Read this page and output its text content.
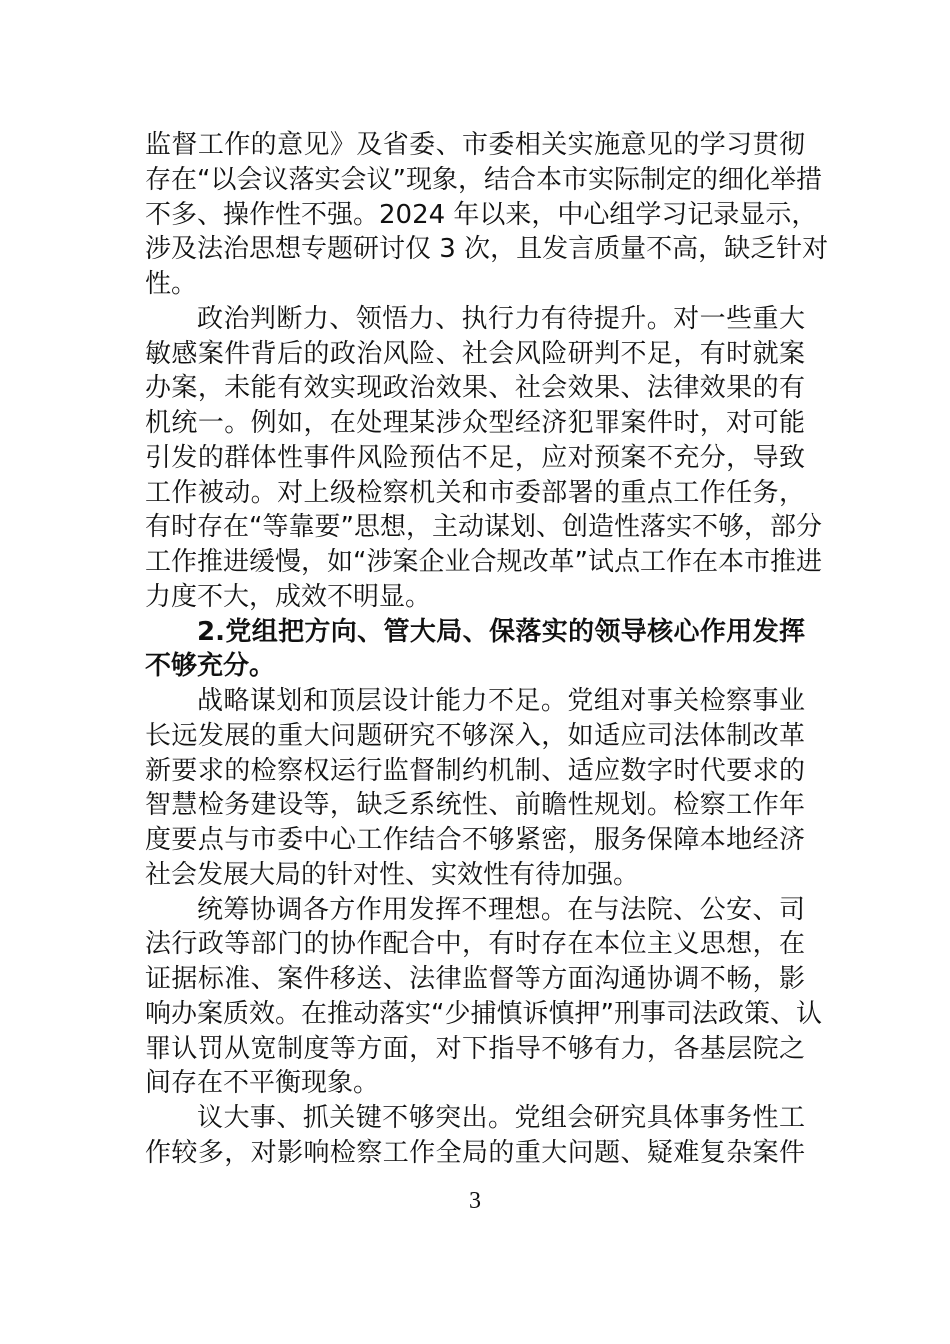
监督工作的意见》及省委、市委相关实施意见的学习贯彻
存在“以会议落实会议”现象，结合本市实际制定的细化举措
不多、操作性不强。2024 年以来，中心组学习记录显示，
涉及法治思想专题研讨仅 3 次，且发言质量不高，缺乏针对
性。
政治判断力、领悟力、执行力有待提升。对一些重大
敏感案件背后的政治风险、社会风险研判不足，有时就案
办案，未能有效实现政治效果、社会效果、法律效果的有
机统一。例如，在处理某涉众型经济犯罪案件时，对可能
引发的群体性事件风险预估不足，应对预案不充分，导致
工作被动。对上级检察机关和市委部署的重点工作任务，
有时存在“等靠要”思想，主动谋划、创造性落实不够，部分
工作推进缓慢，如“涉案企业合规改革”试点工作在本市推进
力度不大，成效不明显。
2.党组把方向、管大局、保落实的领导核心作用发挥
不够充分。
战略谋划和顶层设计能力不足。党组对事关检察事业
长远发展的重大问题研究不够深入，如适应司法体制改革
新要求的检察权运行监督制约机制、适应数字时代要求的
智慧检务建设等，缺乏系统性、前瞻性规划。检察工作年
度要点与市委中心工作结合不够紧密，服务保障本地经济
社会发展大局的针对性、实效性有待加强。
统筹协调各方作用发挥不理想。在与法院、公安、司
法行政等部门的协作配合中，有时存在本位主义思想，在
证据标准、案件移送、法律监督等方面沟通协调不畅，影
响办案质效。在推动落实“少捕慎诉慎押”刑事司法政策、认
罪认罚从宽制度等方面，对下指导不够有力，各基层院之
间存在不平衡现象。
议大事、抓关键不够突出。党组会研究具体事务性工
作较多，对影响检察工作全局的重大问题、疑难复杂案件
3
